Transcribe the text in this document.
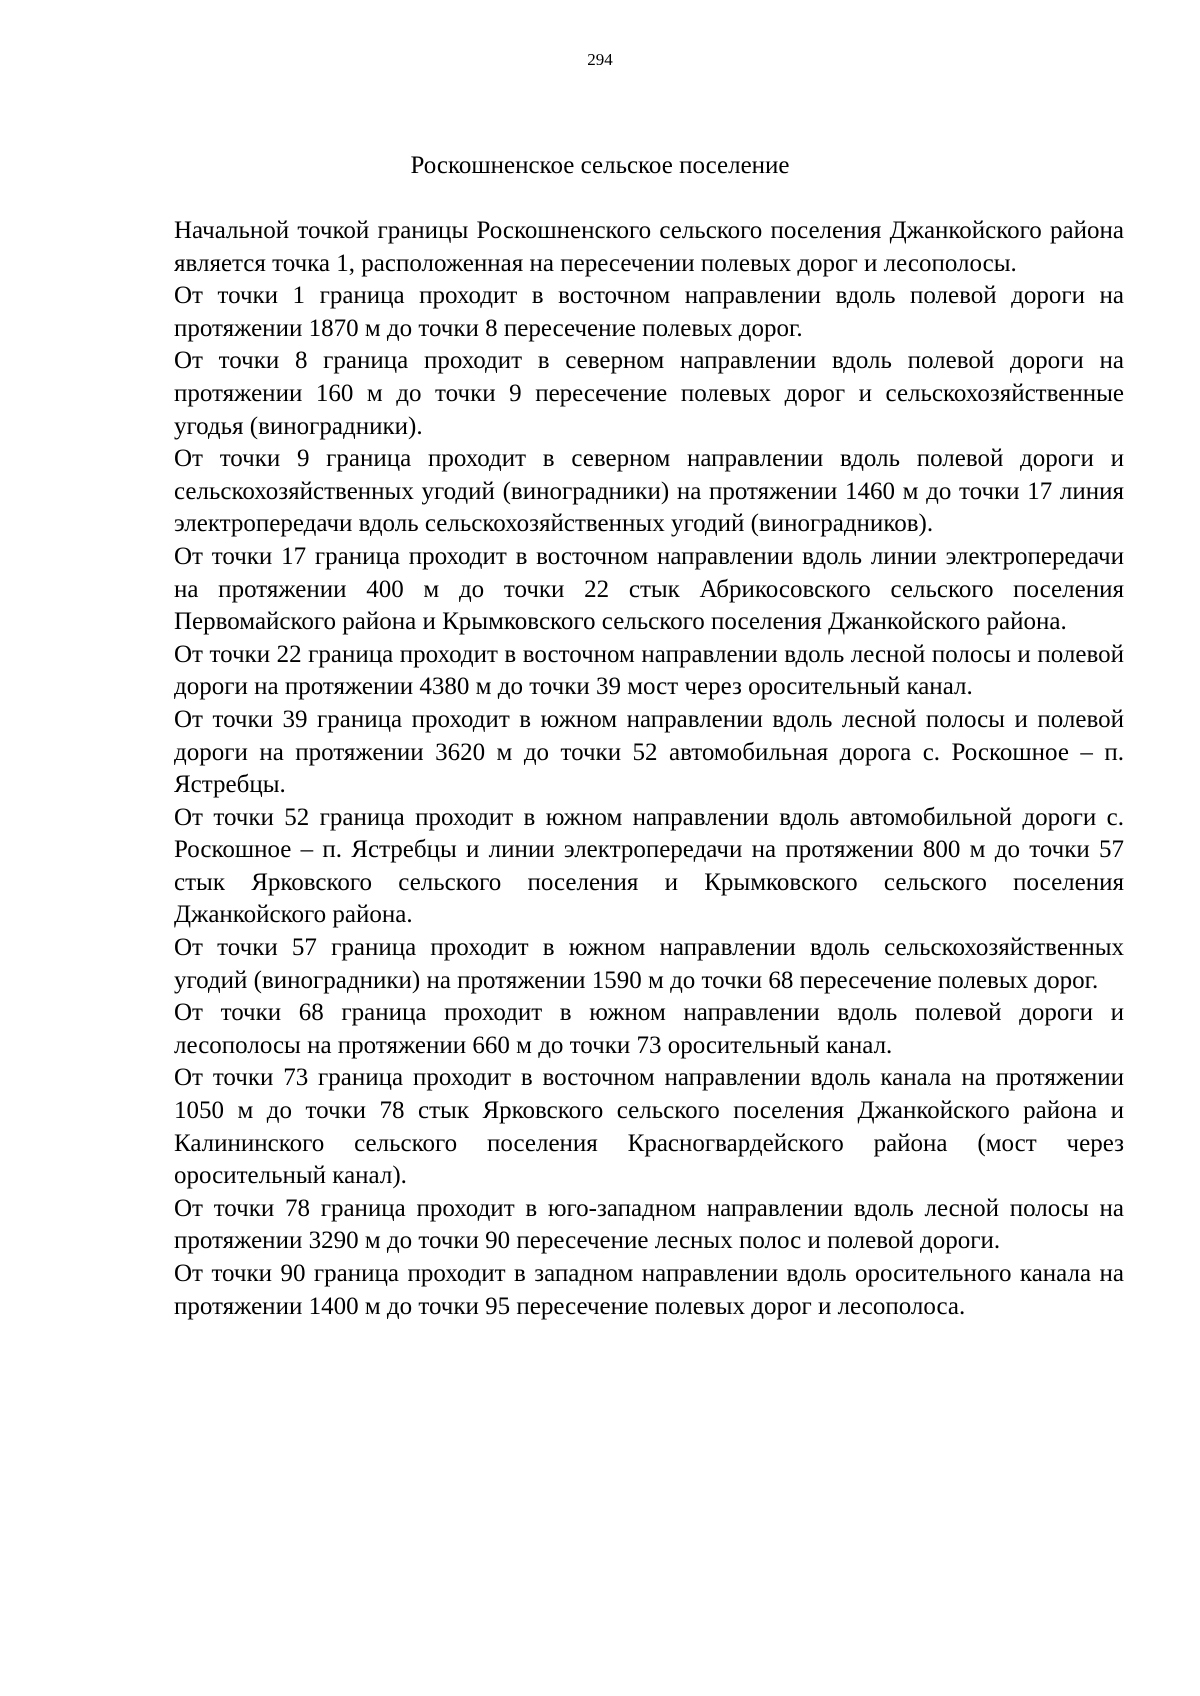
294
Роскошненское сельское поселение

Начальной точкой границы Роскошненского сельского поселения Джанкойского района является точка 1, расположенная на пересечении полевых дорог и лесополосы.

От точки 1 граница проходит в восточном направлении вдоль полевой дороги на протяжении 1870 м до точки 8 пересечение полевых дорог.

От точки 8 граница проходит в северном направлении вдоль полевой дороги на протяжении 160 м до точки 9 пересечение полевых дорог и сельскохозяйственные угодья (виноградники).

От точки 9 граница проходит в северном направлении вдоль полевой дороги и сельскохозяйственных угодий (виноградники) на протяжении 1460 м до точки 17 линия электропередачи вдоль сельскохозяйственных угодий (виноградников).

От точки 17 граница проходит в восточном направлении вдоль линии электропередачи на протяжении 400 м до точки 22 стык Абрикосовского сельского поселения Первомайского района и Крымковского сельского поселения Джанкойского района.

От точки 22 граница проходит в восточном направлении вдоль лесной полосы и полевой дороги на протяжении 4380 м до точки 39 мост через оросительный канал.

От точки 39 граница проходит в южном направлении вдоль лесной полосы и полевой дороги на протяжении 3620 м до точки 52 автомобильная дорога с. Роскошное – п. Ястребцы.

От точки 52 граница проходит в южном направлении вдоль автомобильной дороги с. Роскошное – п. Ястребцы и линии электропередачи на протяжении 800 м до точки 57 стык Ярковского сельского поселения и Крымковского сельского поселения Джанкойского района.

От точки 57 граница проходит в южном направлении вдоль сельскохозяйственных угодий (виноградники) на протяжении 1590 м до точки 68 пересечение полевых дорог.

От точки 68 граница проходит в южном направлении вдоль полевой дороги и лесополосы на протяжении 660 м до точки 73 оросительный канал.

От точки 73 граница проходит в восточном направлении вдоль канала на протяжении 1050 м до точки 78 стык Ярковского сельского поселения Джанкойского района и Калининского сельского поселения Красногвардейского района (мост через оросительный канал).

От точки 78 граница проходит в юго-западном направлении вдоль лесной полосы на протяжении 3290 м до точки 90 пересечение лесных полос и полевой дороги.

От точки 90 граница проходит в западном направлении вдоль оросительного канала на протяжении 1400 м до точки 95 пересечение полевых дорог и лесополоса.
